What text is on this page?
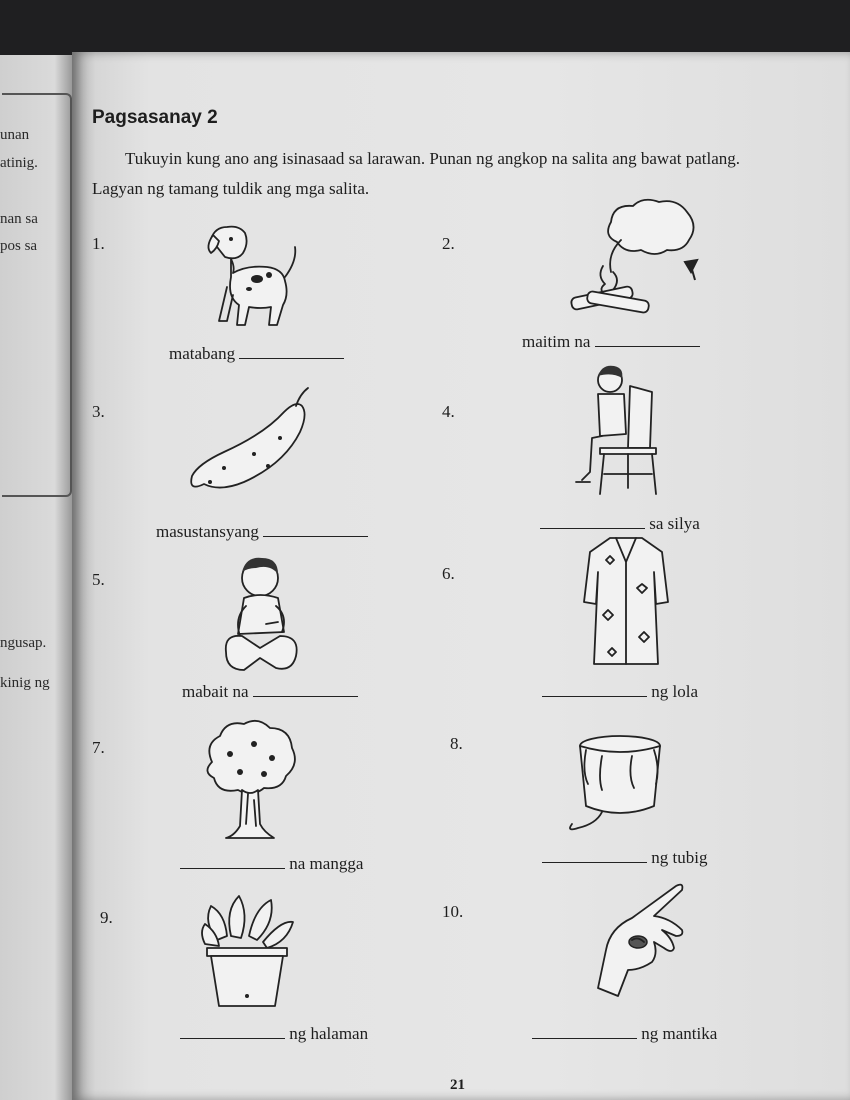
unan
atinig.
nan sa
pos sa
ngusap.
kinig ng
Pagsasanay 2
Tukuyin kung ano ang isinasaad sa larawan. Punan ng angkop na salita ang bawat patlang. Lagyan ng tamang tuldik ang mga salita.
1.
matabang
2.
maitim na
3.
masustansyang
4.
sa silya
5.
mabait na
6.
ng lola
7.
na mangga
8.
ng tubig
9.
ng halaman
10.
ng mantika
21
